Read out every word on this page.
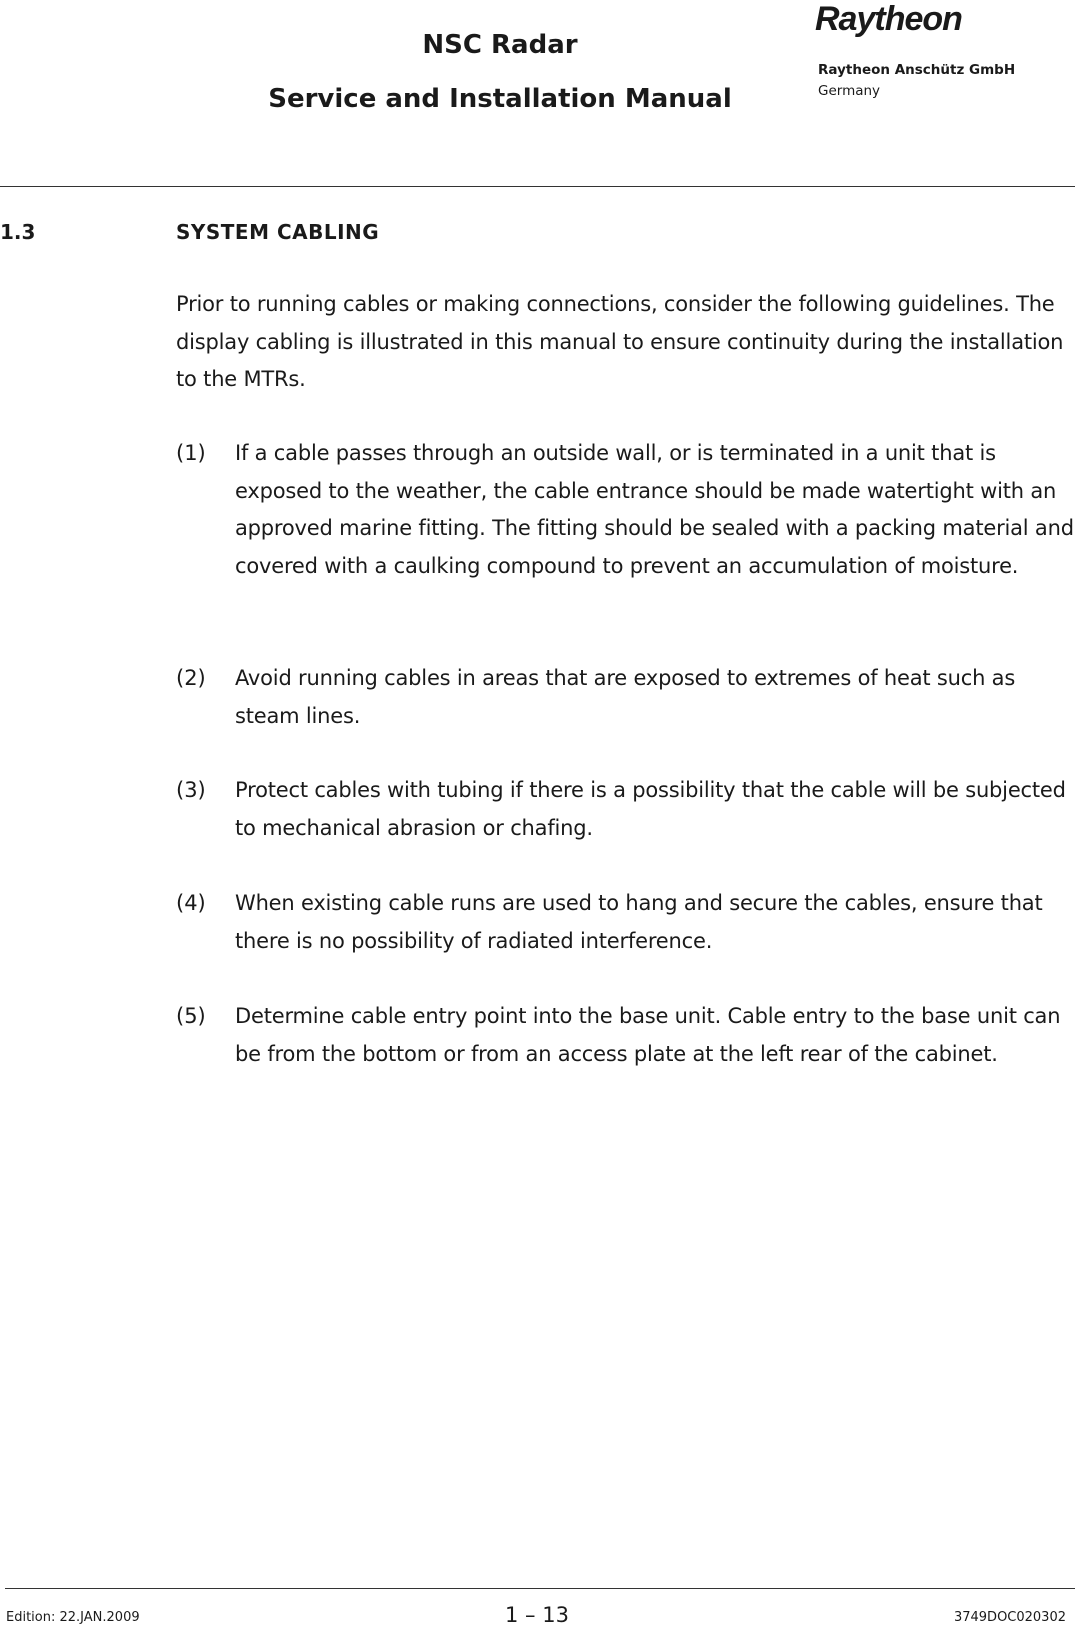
NSC Radar
Service and Installation Manual
Raytheon
Raytheon Anschütz GmbH
Germany
1.3	SYSTEM CABLING
Prior to running cables or making connections, consider the following guidelines. The display cabling is illustrated in this manual to ensure continuity during the installation to the MTRs.
(1) If a cable passes through an outside wall, or is terminated in a unit that is exposed to the weather, the cable entrance should be made watertight with an approved marine fitting. The fitting should be sealed with a packing material and covered with a caulking compound to prevent an accumulation of moisture.
(2) Avoid running cables in areas that are exposed to extremes of heat such as steam lines.
(3) Protect cables with tubing if there is a possibility that the cable will be subjected to mechanical abrasion or chafing.
(4) When existing cable runs are used to hang and secure the cables, ensure that there is no possibility of radiated interference.
(5) Determine cable entry point into the base unit. Cable entry to the base unit can be from the bottom or from an access plate at the left rear of the cabinet.
Edition: 22.JAN.2009	1 – 13	3749DOC020302
